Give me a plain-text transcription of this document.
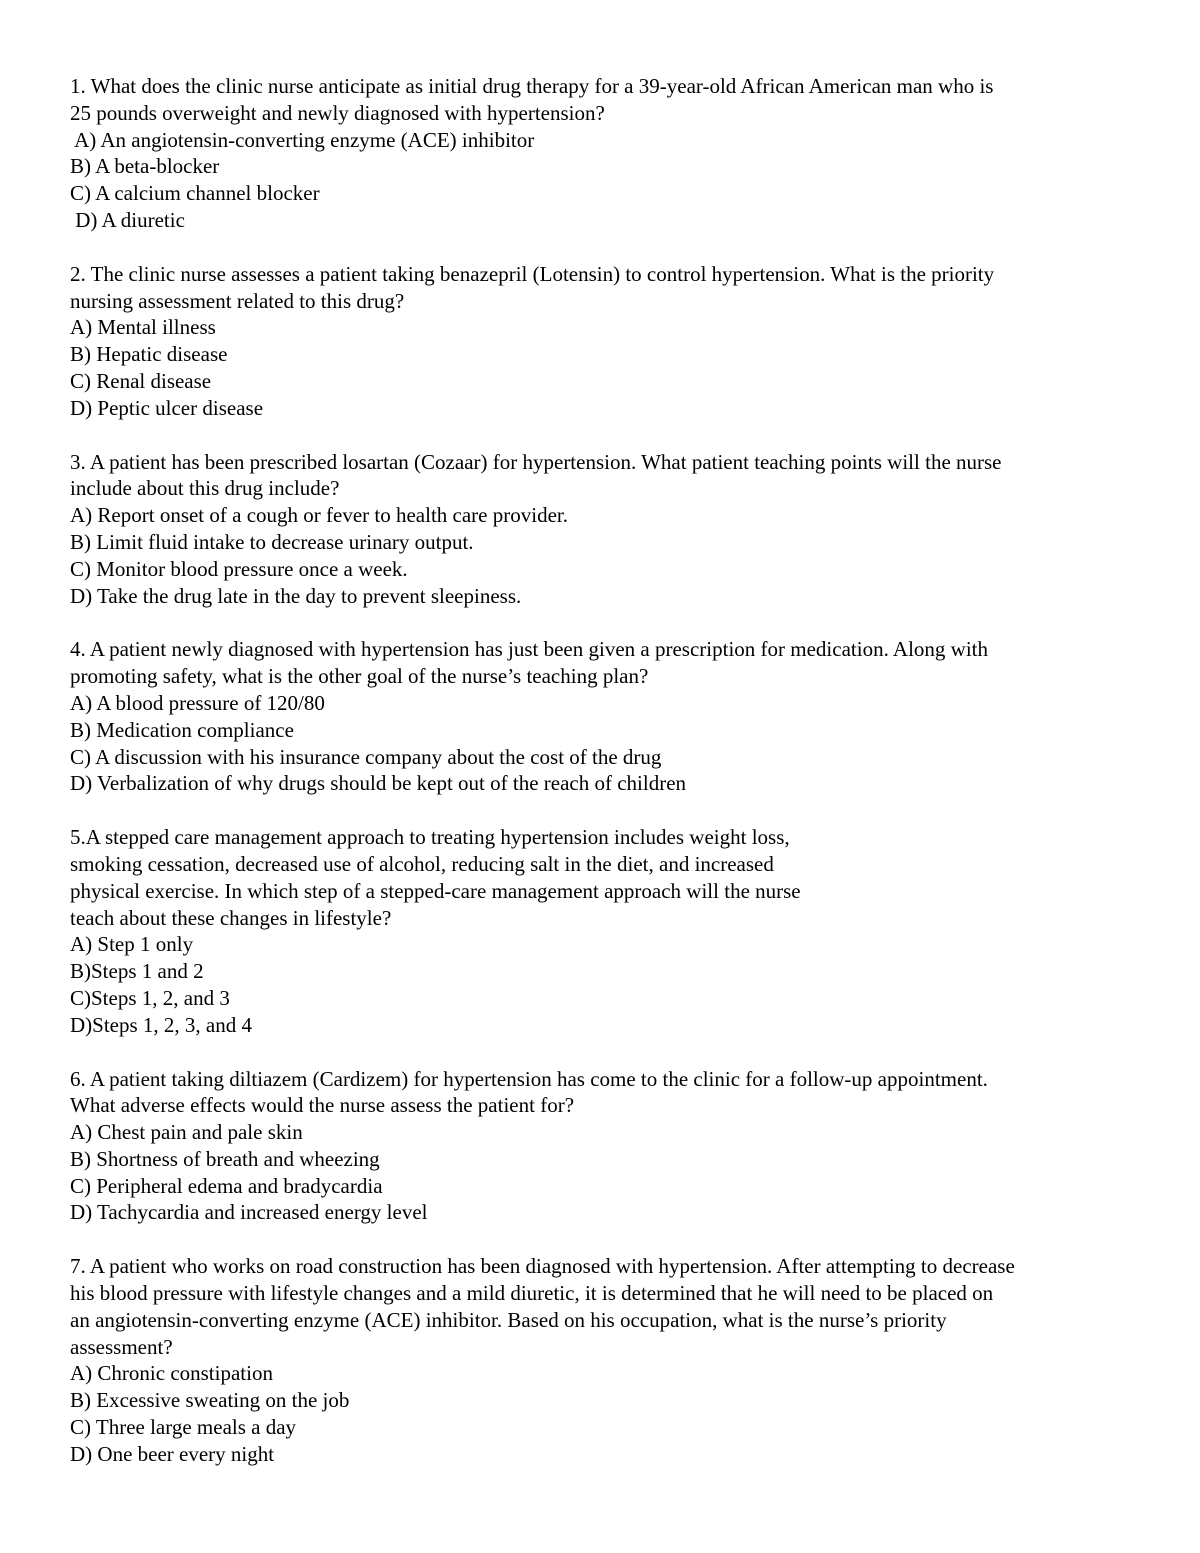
1. What does the clinic nurse anticipate as initial drug therapy for a 39-year-old African American man who is
25 pounds overweight and newly diagnosed with hypertension?
A) An angiotensin-converting enzyme (ACE) inhibitor
B) A beta-blocker
C) A calcium channel blocker
D) A diuretic
2. The clinic nurse assesses a patient taking benazepril (Lotensin) to control hypertension. What is the priority
nursing assessment related to this drug?
A) Mental illness
B) Hepatic disease
C) Renal disease
D) Peptic ulcer disease
3. A patient has been prescribed losartan (Cozaar) for hypertension. What patient teaching points will the nurse
include about this drug include?
A) Report onset of a cough or fever to health care provider.
B) Limit fluid intake to decrease urinary output.
C) Monitor blood pressure once a week.
D) Take the drug late in the day to prevent sleepiness.
4. A patient newly diagnosed with hypertension has just been given a prescription for medication. Along with
promoting safety, what is the other goal of the nurse’s teaching plan?
A) A blood pressure of 120/80
B) Medication compliance
C) A discussion with his insurance company about the cost of the drug
D) Verbalization of why drugs should be kept out of the reach of children
5.A stepped care management approach to treating hypertension includes weight loss,
smoking cessation, decreased use of alcohol, reducing salt in the diet, and increased
physical exercise. In which step of a stepped-care management approach will the nurse
teach about these changes in lifestyle?
A) Step 1 only
B)Steps 1 and 2
C)Steps 1, 2, and 3
D)Steps 1, 2, 3, and 4
6. A patient taking diltiazem (Cardizem) for hypertension has come to the clinic for a follow-up appointment.
What adverse effects would the nurse assess the patient for?
A) Chest pain and pale skin
B) Shortness of breath and wheezing
C) Peripheral edema and bradycardia
D) Tachycardia and increased energy level
7. A patient who works on road construction has been diagnosed with hypertension. After attempting to decrease
his blood pressure with lifestyle changes and a mild diuretic, it is determined that he will need to be placed on
an angiotensin-converting enzyme (ACE) inhibitor. Based on his occupation, what is the nurse’s priority
assessment?
A) Chronic constipation
B) Excessive sweating on the job
C) Three large meals a day
D) One beer every night
